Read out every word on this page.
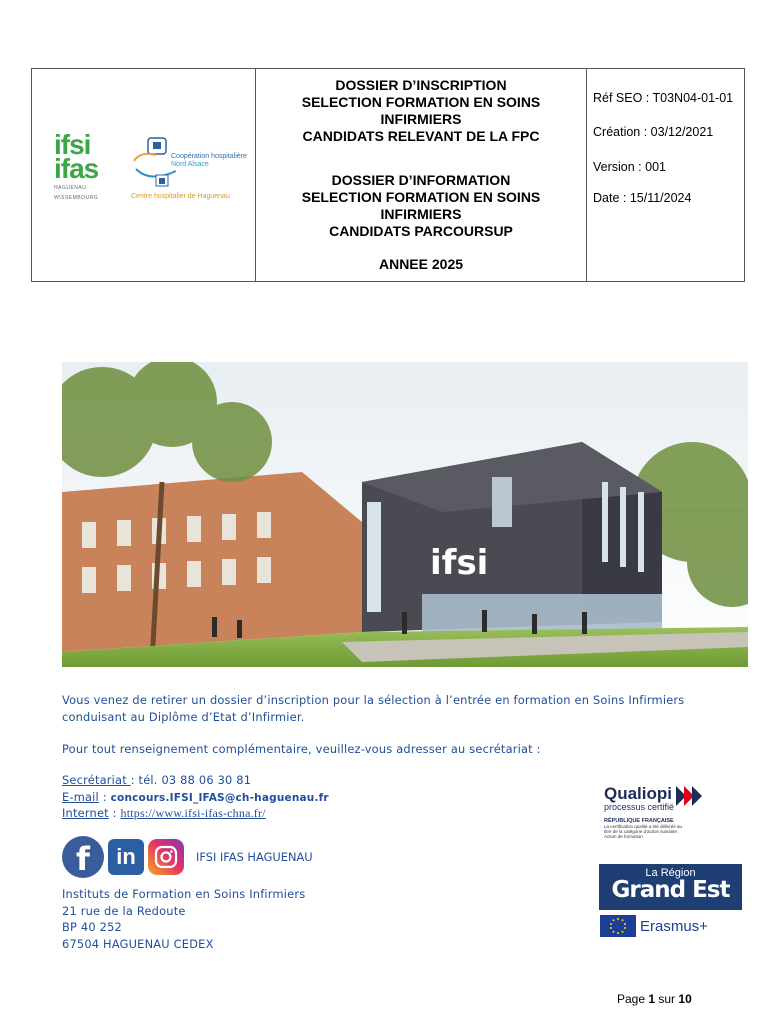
ifsi
ifas
HAGUENAU
WISSEMBOURG
Coopération hospitalière
Nord Alsace
Centre hospitalier de Haguenau
DOSSIER D’INSCRIPTION
SELECTION FORMATION EN SOINS
INFIRMIERS
CANDIDATS RELEVANT DE LA FPC
DOSSIER D’INFORMATION
SELECTION FORMATION EN SOINS
INFIRMIERS
CANDIDATS PARCOURSUP
ANNEE 2025
Réf SEO : T03N04-01-01
Création : 03/12/2021
Version : 001
Date : 15/11/2024
ifsi
Vous venez de retirer un dossier d’inscription pour la sélection à l’entrée en formation en Soins Infirmiers
conduisant au Diplôme d’Etat d’Infirmier.
Pour tout renseignement complémentaire, veuillez-vous adresser au secrétariat :
Secrétariat : tél. 03 88 06 30 81
E-mail : concours.IFSI_IFAS@ch-haguenau.fr
Internet : https://www.ifsi-ifas-chna.fr/
f	in	IFSI IFAS HAGUENAU
Instituts de Formation en Soins Infirmiers
21 rue de la Redoute
BP 40 252
67504 HAGUENAU CEDEX
Qualiopi
processus certifié
RÉPUBLIQUE FRANÇAISE
La certification qualité a été délivrée au
titre de la catégorie d’action suivante :
Action de formation
La Région
Grand Est
Erasmus+
Page 1 sur 10
